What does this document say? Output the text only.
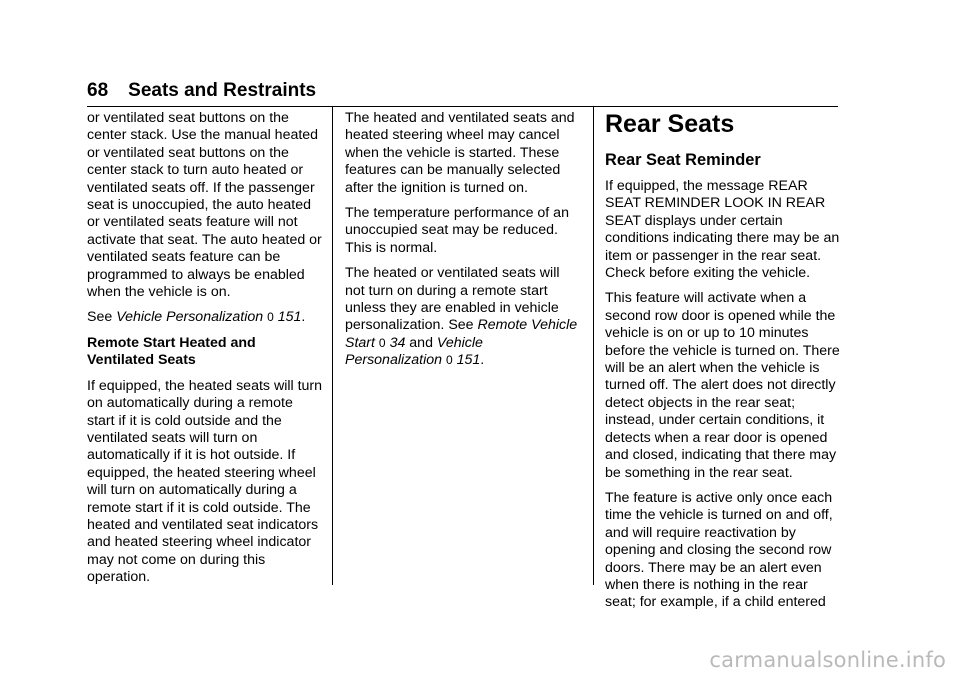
68 Seats and Restraints

or ventilated seat buttons on the center stack. Use the manual heated or ventilated seat buttons on the center stack to turn auto heated or ventilated seats off. If the passenger seat is unoccupied, the auto heated or ventilated seats feature will not activate that seat. The auto heated or ventilated seats feature can be programmed to always be enabled when the vehicle is on.

See Vehicle Personalization 0 151.

Remote Start Heated and Ventilated Seats

If equipped, the heated seats will turn on automatically during a remote start if it is cold outside and the ventilated seats will turn on automatically if it is hot outside. If equipped, the heated steering wheel will turn on automatically during a remote start if it is cold outside. The heated and ventilated seat indicators and heated steering wheel indicator may not come on during this operation.

The heated and ventilated seats and heated steering wheel may cancel when the vehicle is started. These features can be manually selected after the ignition is turned on.

The temperature performance of an unoccupied seat may be reduced. This is normal.

The heated or ventilated seats will not turn on during a remote start unless they are enabled in vehicle personalization. See Remote Vehicle Start 0 34 and Vehicle Personalization 0 151.

Rear Seats
Rear Seat Reminder

If equipped, the message REAR SEAT REMINDER LOOK IN REAR SEAT displays under certain conditions indicating there may be an item or passenger in the rear seat. Check before exiting the vehicle.

This feature will activate when a second row door is opened while the vehicle is on or up to 10 minutes before the vehicle is turned on. There will be an alert when the vehicle is turned off. The alert does not directly detect objects in the rear seat; instead, under certain conditions, it detects when a rear door is opened and closed, indicating that there may be something in the rear seat.

The feature is active only once each time the vehicle is turned on and off, and will require reactivation by opening and closing the second row doors. There may be an alert even when there is nothing in the rear seat; for example, if a child entered

carmanualsonline.info
